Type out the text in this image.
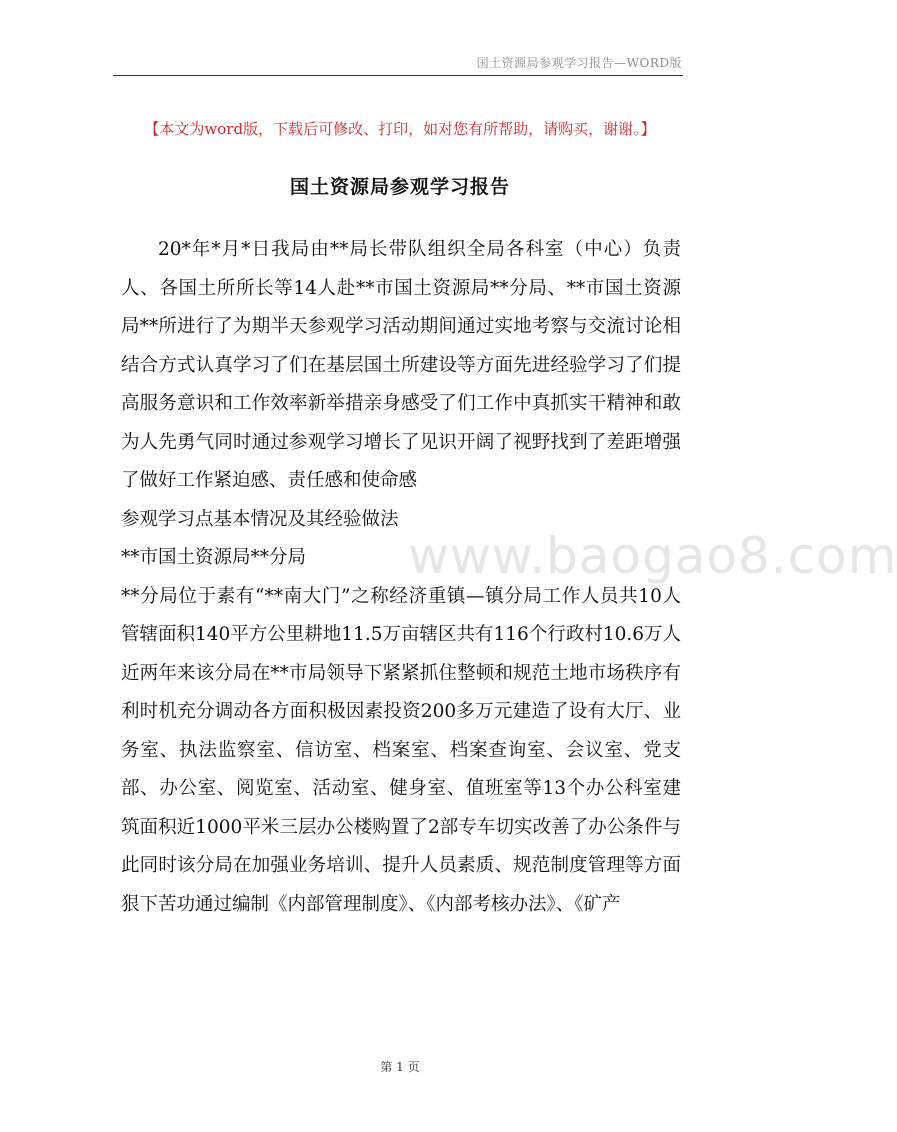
国土资源局参观学习报告—WORD版
【本文为word版，下载后可修改、打印，如对您有所帮助，请购买，谢谢。】
国土资源局参观学习报告

20*年*月*日我局由**局长带队组织全局各科室（中心）负责人、各国土所所长等14人赴**市国土资源局**分局、**市国土资源局**所进行了为期半天参观学习活动期间通过实地考察与交流讨论相结合方式认真学习了们在基层国土所建设等方面先进经验学习了们提高服务意识和工作效率新举措亲身感受了们工作中真抓实干精神和敢为人先勇气同时通过参观学习增长了见识开阔了视野找到了差距增强了做好工作紧迫感、责任感和使命感

参观学习点基本情况及其经验做法

**市国土资源局**分局

**分局位于素有“**南大门”之称经济重镇—镇分局工作人员共10人管辖面积140平方公里耕地11.5万亩辖区共有116个行政村10.6万人

近两年来该分局在**市局领导下紧紧抓住整顿和规范土地市场秩序有利时机充分调动各方面积极因素投资200多万元建造了设有大厅、业务室、执法监察室、信访室、档案室、档案查询室、会议室、党支部、办公室、阅览室、活动室、健身室、值班室等13个办公科室建筑面积近1000平米三层办公楼购置了2部专车切实改善了办公条件与此同时该分局在加强业务培训、提升人员素质、规范制度管理等方面狠下苦功通过编制《内部管理制度》、《内部考核办法》、《矿产

www.baogao8.com
第 1 页
